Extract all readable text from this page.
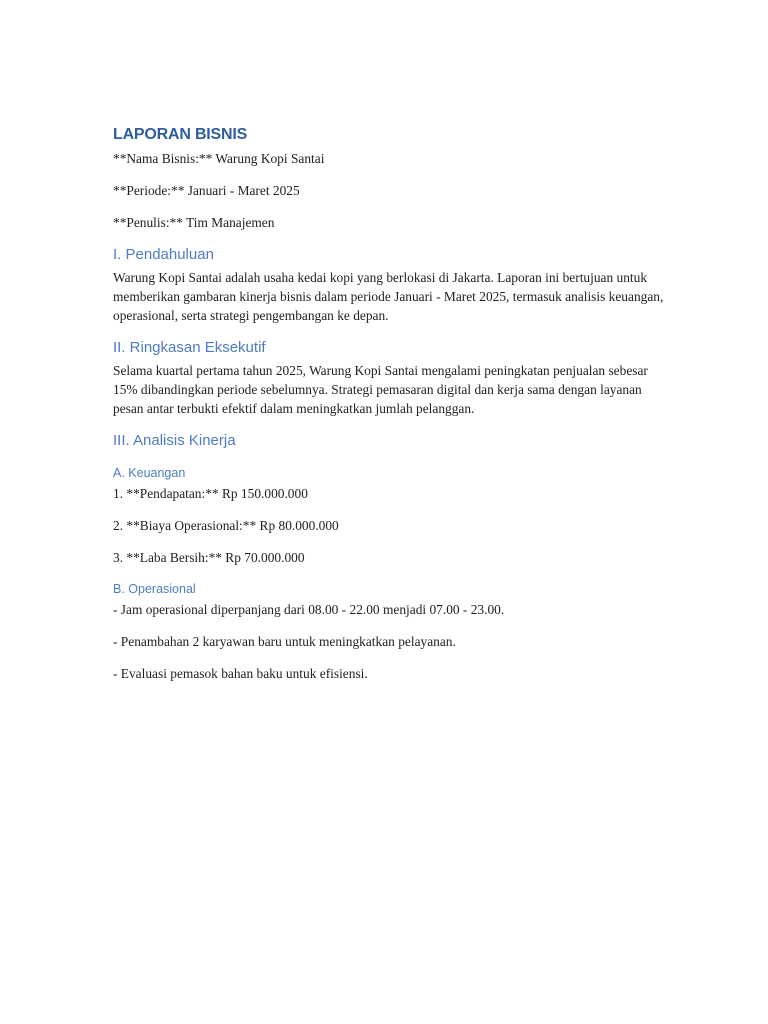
LAPORAN BISNIS

**Nama Bisnis:** Warung Kopi Santai

**Periode:** Januari - Maret 2025

**Penulis:** Tim Manajemen

I. Pendahuluan

Warung Kopi Santai adalah usaha kedai kopi yang berlokasi di Jakarta. Laporan ini bertujuan untuk memberikan gambaran kinerja bisnis dalam periode Januari - Maret 2025, termasuk analisis keuangan, operasional, serta strategi pengembangan ke depan.

II. Ringkasan Eksekutif

Selama kuartal pertama tahun 2025, Warung Kopi Santai mengalami peningkatan penjualan sebesar 15% dibandingkan periode sebelumnya. Strategi pemasaran digital dan kerja sama dengan layanan pesan antar terbukti efektif dalam meningkatkan jumlah pelanggan.

III. Analisis Kinerja
A. Keuangan

1. **Pendapatan:** Rp 150.000.000

2. **Biaya Operasional:** Rp 80.000.000

3. **Laba Bersih:** Rp 70.000.000

B. Operasional

- Jam operasional diperpanjang dari 08.00 - 22.00 menjadi 07.00 - 23.00.

- Penambahan 2 karyawan baru untuk meningkatkan pelayanan.

- Evaluasi pemasok bahan baku untuk efisiensi.
